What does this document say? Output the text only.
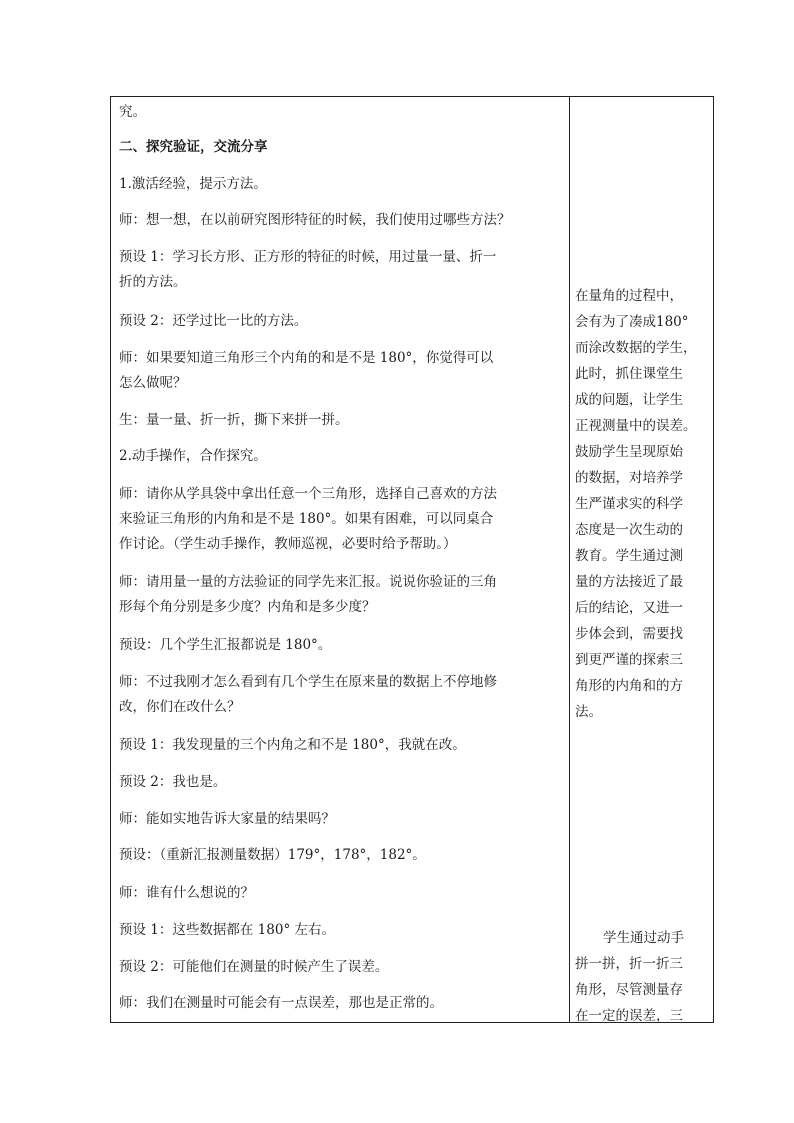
究。
二、探究验证，交流分享
1.激活经验，提示方法。
师：想一想，在以前研究图形特征的时候，我们使用过哪些方法？
预设 1：学习长方形、正方形的特征的时候，用过量一量、折一
折的方法。
预设 2：还学过比一比的方法。
师：如果要知道三角形三个内角的和是不是 180°，你觉得可以
怎么做呢？
生：量一量、折一折，撕下来拼一拼。
2.动手操作，合作探究。
师：请你从学具袋中拿出任意一个三角形，选择自己喜欢的方法
来验证三角形的内角和是不是 180°。如果有困难，可以同桌合
作讨论。（学生动手操作，教师巡视，必要时给予帮助。）
师：请用量一量的方法验证的同学先来汇报。说说你验证的三角
形每个角分别是多少度？内角和是多少度？
预设：几个学生汇报都说是 180°。
师：不过我刚才怎么看到有几个学生在原来量的数据上不停地修
改，你们在改什么？
预设 1：我发现量的三个内角之和不是 180°，我就在改。
预设 2：我也是。
师：能如实地告诉大家量的结果吗？
预设：（重新汇报测量数据）179°，178°，182°。
师：谁有什么想说的？
预设 1：这些数据都在 180° 左右。
预设 2：可能他们在测量的时候产生了误差。
师：我们在测量时可能会有一点误差，那也是正常的。
在量角的过程中，
会有为了凑成180°
而涂改数据的学生，
此时，抓住课堂生
成的问题，让学生
正视测量中的误差。
鼓励学生呈现原始
的数据，对培养学
生严谨求实的科学
态度是一次生动的
教育。学生通过测
量的方法接近了最
后的结论，又进一
步体会到，需要找
到更严谨的探索三
角形的内角和的方
法。
学生通过动手
拼一拼，折一折三
角形，尽管测量存
在一定的误差，三
